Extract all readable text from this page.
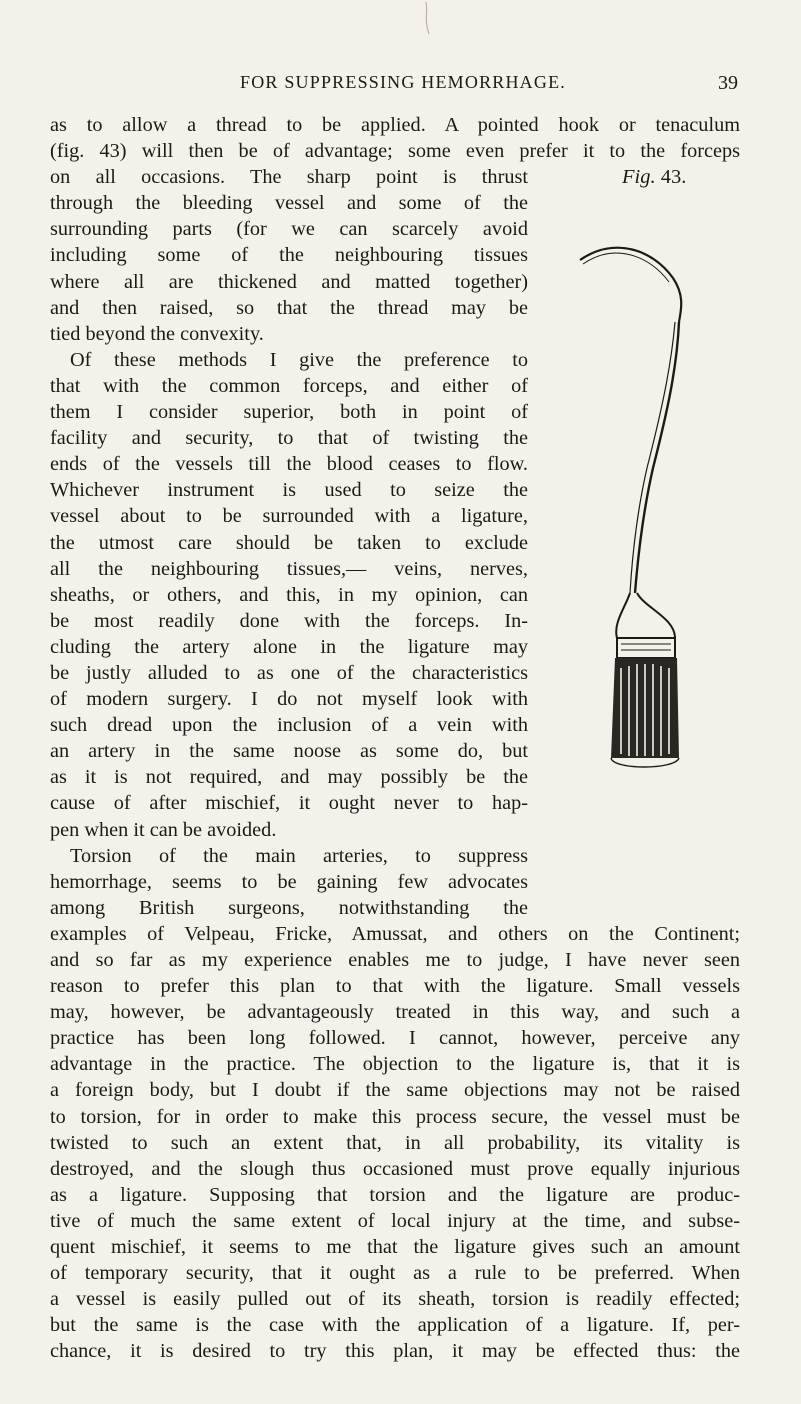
FOR SUPPRESSING HEMORRHAGE.	39
Fig. 43.
as to allow a thread to be applied. A pointed hook or tenaculum
(fig. 43) will then be of advantage; some even prefer it to the forceps
on all occasions. The sharp point is thrust
through the bleeding vessel and some of the
surrounding parts (for we can scarcely avoid
including some of the neighbouring tissues
where all are thickened and matted together)
and then raised, so that the thread may be
tied beyond the convexity.
Of these methods I give the preference to
that with the common forceps, and either of
them I consider superior, both in point of
facility and security, to that of twisting the
ends of the vessels till the blood ceases to flow.
Whichever instrument is used to seize the
vessel about to be surrounded with a ligature,
the utmost care should be taken to exclude
all the neighbouring tissues,— veins, nerves,
sheaths, or others, and this, in my opinion, can
be most readily done with the forceps. In-
cluding the artery alone in the ligature may
be justly alluded to as one of the characteristics
of modern surgery. I do not myself look with
such dread upon the inclusion of a vein with
an artery in the same noose as some do, but
as it is not required, and may possibly be the
cause of after mischief, it ought never to hap-
pen when it can be avoided.
Torsion of the main arteries, to suppress
hemorrhage, seems to be gaining few advocates
among British surgeons, notwithstanding the
examples of Velpeau, Fricke, Amussat, and others on the Continent;
and so far as my experience enables me to judge, I have never seen
reason to prefer this plan to that with the ligature. Small vessels
may, however, be advantageously treated in this way, and such a
practice has been long followed. I cannot, however, perceive any
advantage in the practice. The objection to the ligature is, that it is
a foreign body, but I doubt if the same objections may not be raised
to torsion, for in order to make this process secure, the vessel must be
twisted to such an extent that, in all probability, its vitality is
destroyed, and the slough thus occasioned must prove equally injurious
as a ligature. Supposing that torsion and the ligature are produc-
tive of much the same extent of local injury at the time, and subse-
quent mischief, it seems to me that the ligature gives such an amount
of temporary security, that it ought as a rule to be preferred. When
a vessel is easily pulled out of its sheath, torsion is readily effected;
but the same is the case with the application of a ligature. If, per-
chance, it is desired to try this plan, it may be effected thus: the
